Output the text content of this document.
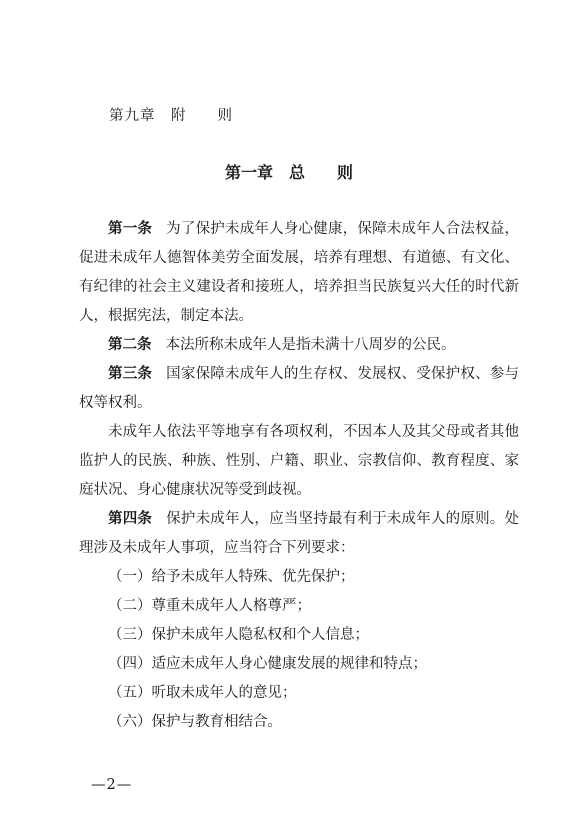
第九章　附　　则
第一章　总　　则

第一条 为了保护未成年人身心健康，保障未成年人合法权益，促进未成年人德智体美劳全面发展，培养有理想、有道德、有文化、有纪律的社会主义建设者和接班人，培养担当民族复兴大任的时代新人，根据宪法，制定本法。

第二条 本法所称未成年人是指未满十八周岁的公民。

第三条 国家保障未成年人的生存权、发展权、受保护权、参与权等权利。

未成年人依法平等地享有各项权利，不因本人及其父母或者其他监护人的民族、种族、性别、户籍、职业、宗教信仰、教育程度、家庭状况、身心健康状况等受到歧视。

第四条 保护未成年人，应当坚持最有利于未成年人的原则。处理涉及未成年人事项，应当符合下列要求：

（一）给予未成年人特殊、优先保护；

（二）尊重未成年人人格尊严；

（三）保护未成年人隐私权和个人信息；

（四）适应未成年人身心健康发展的规律和特点；

（五）听取未成年人的意见；

（六）保护与教育相结合。

—2—
